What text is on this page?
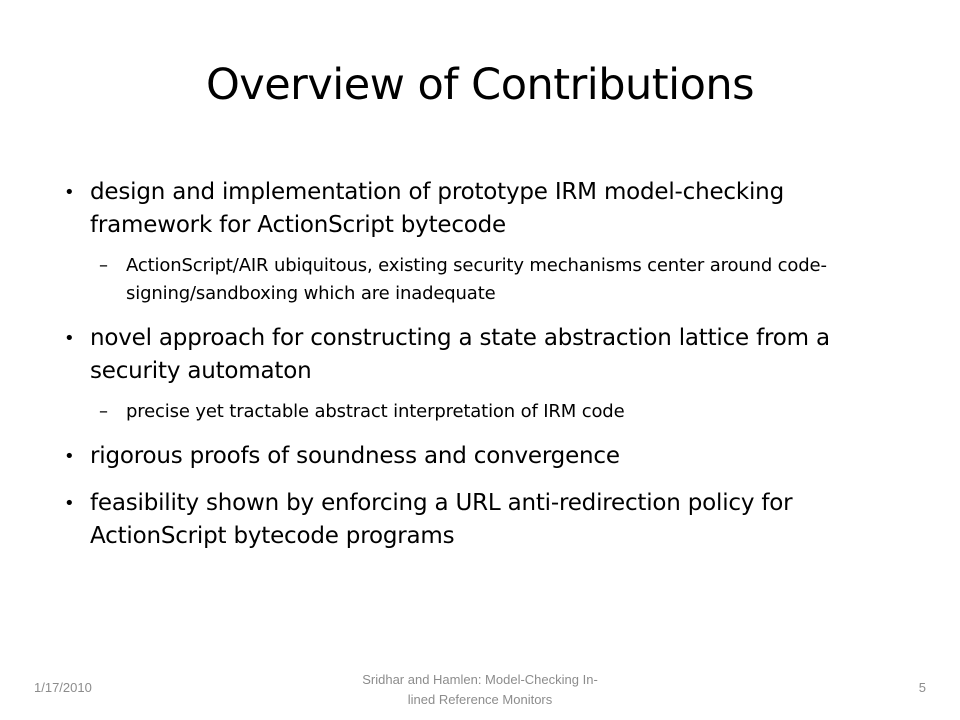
Overview of Contributions
• design and implementation of prototype IRM model-checking framework for ActionScript bytecode
– ActionScript/AIR ubiquitous, existing security mechanisms center around code-signing/sandboxing which are inadequate
• novel approach for constructing a state abstraction lattice from a security automaton
– precise yet tractable abstract interpretation of IRM code
• rigorous proofs of soundness and convergence
• feasibility shown by enforcing a URL anti-redirection policy for ActionScript bytecode programs
1/17/2010
Sridhar and Hamlen: Model-Checking In-
lined Reference Monitors
5
